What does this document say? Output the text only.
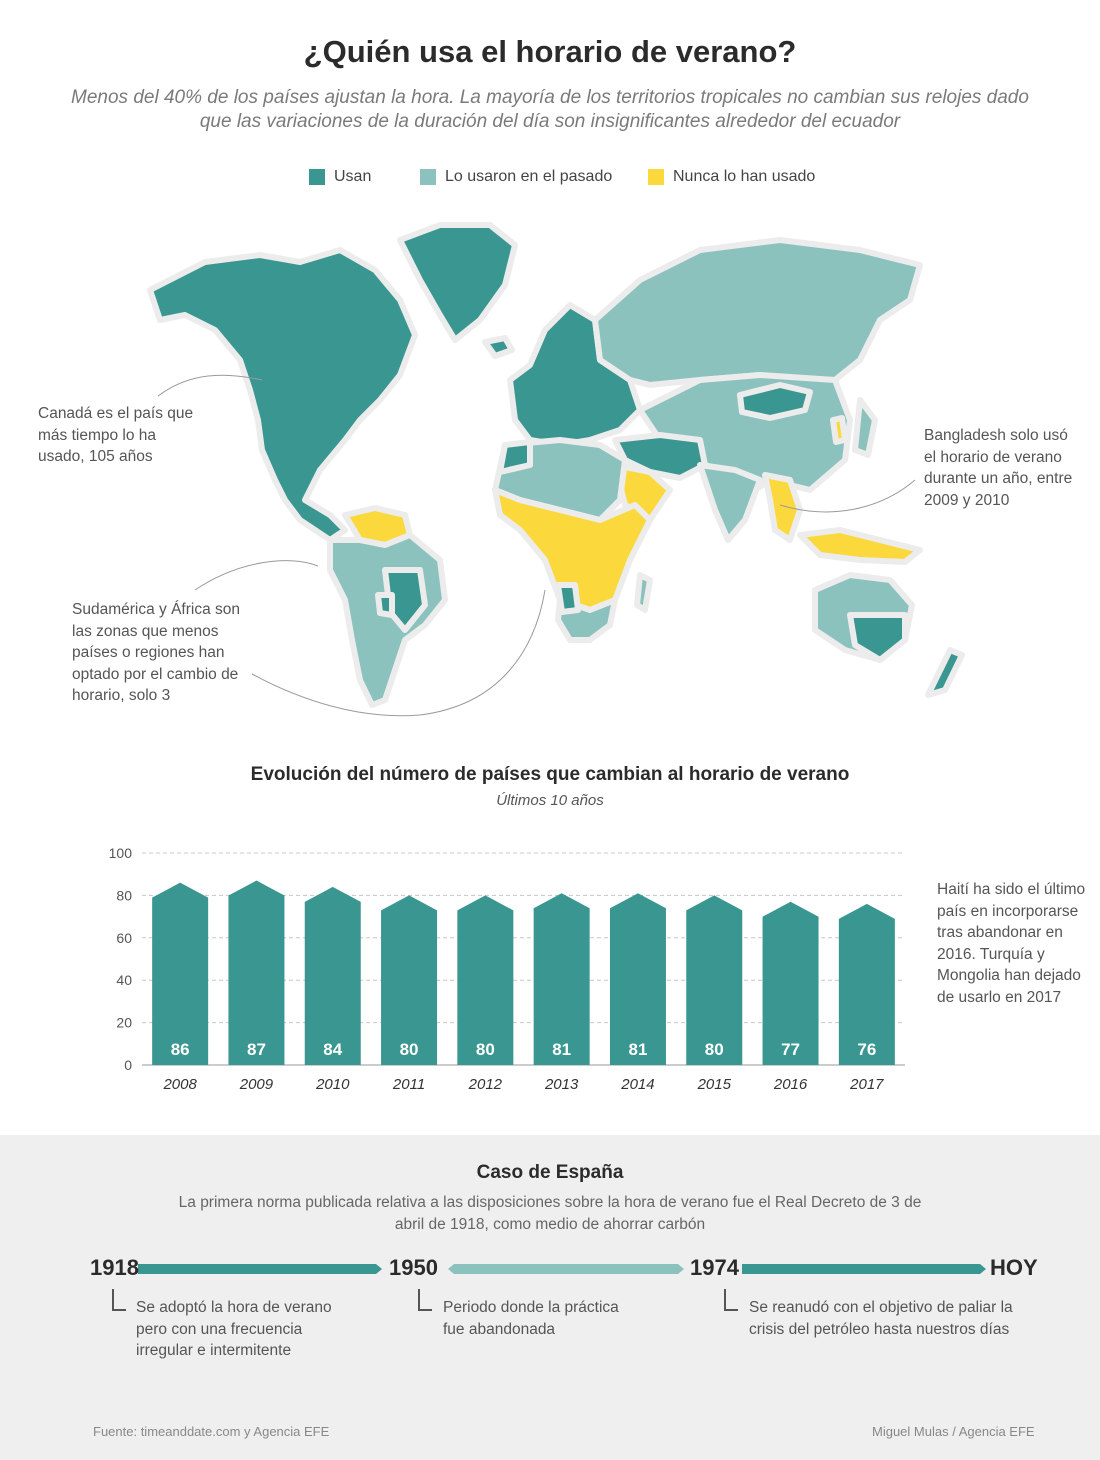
¿Quién usa el horario de verano?
Menos del 40% de los países ajustan la hora. La mayoría de los territorios tropicales no cambian sus relojes dado que las variaciones de la duración del día son insignificantes alrededor del ecuador
Usan	Lo usaron en el pasado	Nunca lo han usado
Canadá es el país que más tiempo lo ha usado, 105 años
Bangladesh solo usó el horario de verano durante un año, entre 2009 y 2010
Sudamérica y África son las zonas que menos países o regiones han optado por el cambio de horario, solo 3
Evolución del número de países que cambian al horario de verano
Últimos 10 años
0
20
40
60
80
100
86
2008
87
2009
84
2010
80
2011
80
2012
81
2013
81
2014
80
2015
77
2016
76
2017
Haití ha sido el último país en incorporarse tras abandonar en 2016. Turquía y Mongolia han dejado de usarlo en 2017
Caso de España
La primera norma publicada relativa a las disposiciones sobre la hora de verano fue el Real Decreto de 3 de abril de 1918, como medio de ahorrar carbón
1918	1950	1974	HOY
Se adoptó la hora de verano pero con una frecuencia irregular e intermitente
Periodo donde la práctica fue abandonada
Se reanudó con el objetivo de paliar la crisis del petróleo hasta nuestros días
Fuente: timeanddate.com y Agencia EFE	Miguel Mulas / Agencia EFE
